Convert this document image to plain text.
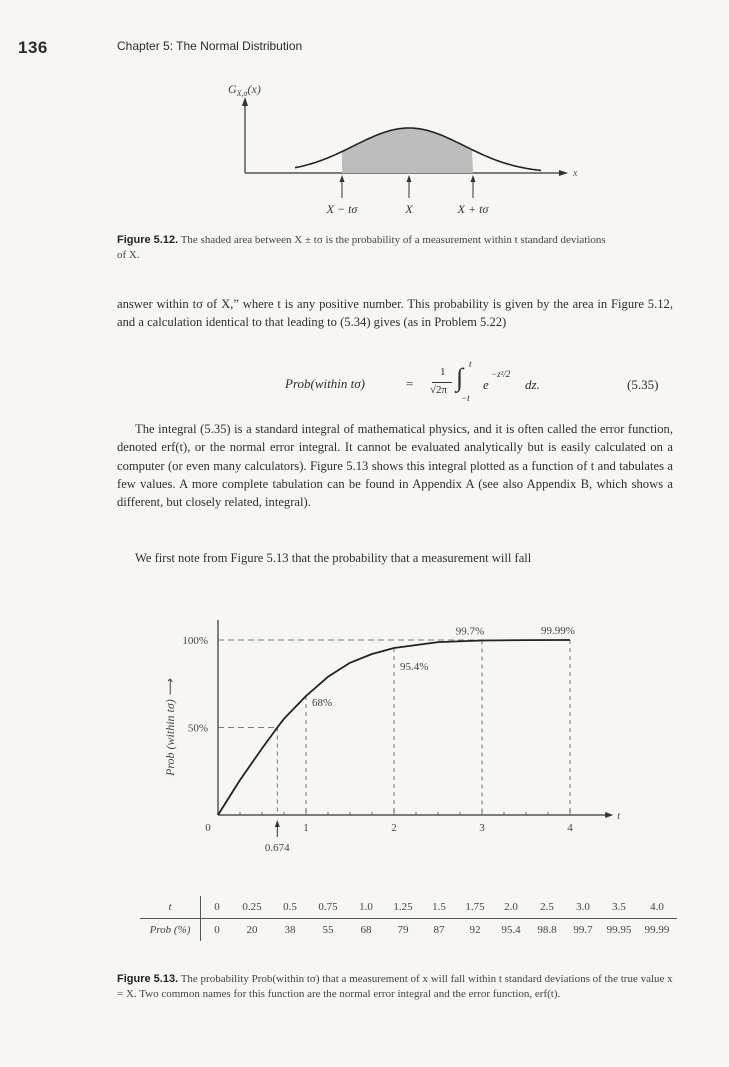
136	Chapter 5: The Normal Distribution
$G_{X,\sigma}(x)$
x
X − tσ	X	X + tσ
Figure 5.12. The shaded area between X ± tσ is the probability of a measurement within t standard deviations of X.

answer within tσ of X,” where t is any positive number. This probability is given by the area in Figure 5.12, and a calculation identical to that leading to (5.34) gives (as in Problem 5.22)

Prob(within tσ)	=
1
√2π ∫ t
−t
e
−z²/2
dz.	(5.35)

The integral (5.35) is a standard integral of mathematical physics, and it is often called the error function, denoted erf(t), or the normal error integral. It cannot be evaluated analytically but is easily calculated on a computer (or even many calculators). Figure 5.13 shows this integral plotted as a function of t and tabulates a few values. A more complete tabulation can be found in Appendix A (see also Appendix B, which shows a different, but closely related, integral).

We first note from Figure 5.13 that the probability that a measurement will fall

t
0	1	2	3	4
50%
100%
Prob (within tσ) ⟶
0.674
68%
95.4%
99.7%	99.99%
t	0	0.25	0.5	0.75	1.0	1.25	1.5	1.75	2.0	2.5	3.0	3.5	4.0
Prob (%)	0	20	38	55	68	79	87	92	95.4	98.8	99.7	99.95	99.99
Figure 5.13. The probability Prob(within tσ) that a measurement of x will fall within t standard deviations of the true value x = X. Two common names for this function are the normal error integral and the error function, erf(t).
